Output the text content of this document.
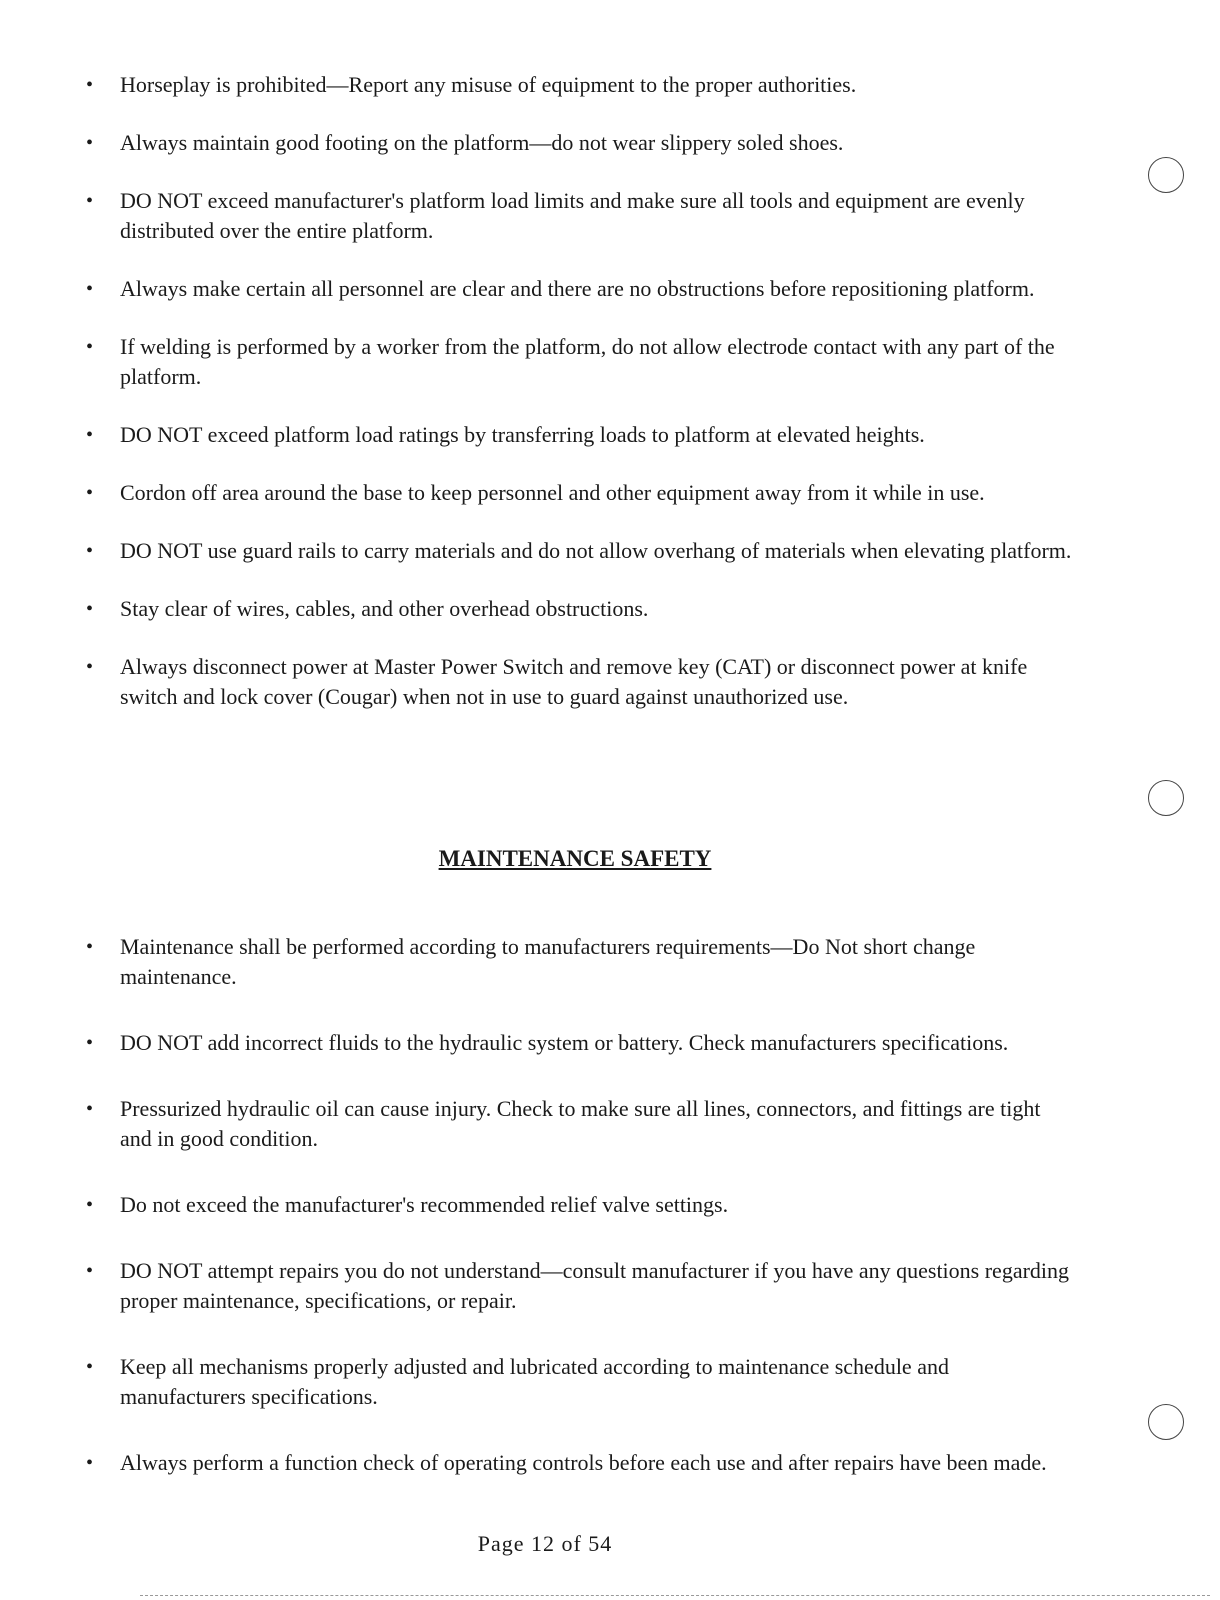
•	Horseplay is prohibited—Report any misuse of equipment to the proper authorities.
•	Always maintain good footing on the platform—do not wear slippery soled shoes.
•	DO NOT exceed manufacturer's platform load limits and make sure all tools and equipment are evenly distributed over the entire platform.
•	Always make certain all personnel are clear and there are no obstructions before repositioning platform.
•	If welding is performed by a worker from the platform, do not allow electrode contact with any part of the platform.
•	DO NOT exceed platform load ratings by transferring loads to platform at elevated heights.
•	Cordon off area around the base to keep personnel and other equipment away from it while in use.
•	DO NOT use guard rails to carry materials and do not allow overhang of materials when elevating platform.
•	Stay clear of wires, cables, and other overhead obstructions.
•	Always disconnect power at Master Power Switch and remove key (CAT) or disconnect power at knife switch and lock cover (Cougar) when not in use to guard against unauthorized use.
MAINTENANCE SAFETY
•	Maintenance shall be performed according to manufacturers requirements—Do Not short change maintenance.
•	DO NOT add incorrect fluids to the hydraulic system or battery. Check manufacturers specifications.
•	Pressurized hydraulic oil can cause injury. Check to make sure all lines, connectors, and fittings are tight and in good condition.
•	Do not exceed the manufacturer's recommended relief valve settings.
•	DO NOT attempt repairs you do not understand—consult manufacturer if you have any questions regarding proper maintenance, specifications, or repair.
•	Keep all mechanisms properly adjusted and lubricated according to maintenance schedule and manufacturers specifications.
•	Always perform a function check of operating controls before each use and after repairs have been made.
Page 12 of 54
